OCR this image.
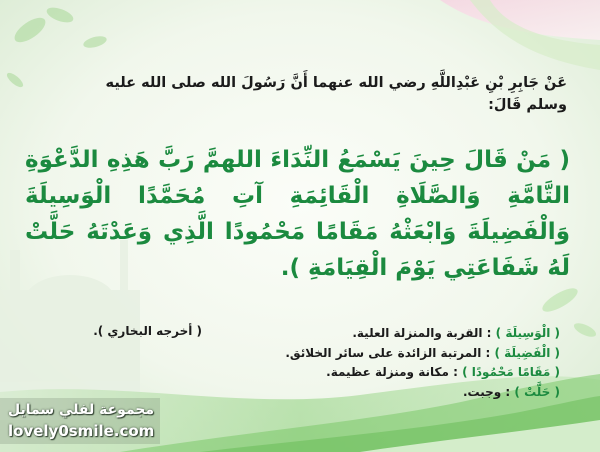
عَنْ جَابِرِ بْنِ عَبْدِاللَّهِ رضي الله عنهما أَنَّ رَسُولَ الله صلى الله عليه
وسلم قَالَ:
( مَنْ قَالَ حِينَ يَسْمَعُ النِّدَاءَ اللهمَّ رَبَّ هَذِهِ الدَّعْوَةِ التَّامَّةِ وَالصَّلَاةِ الْقَائِمَةِ آتِ مُحَمَّدًا الْوَسِيلَةَ وَالْفَضِيلَةَ وَابْعَثْهُ مَقَامًا مَحْمُودًا الَّذِي وَعَدْتَهُ حَلَّتْ لَهُ شَفَاعَتِي يَوْمَ الْقِيَامَةِ ).
( الْوَسِيلَةَ ) : القربة والمنزلة العلية.
( الْفَضِيلَةَ ) : المرتبة الزائدة على سائر الخلائق.
( مَقَامًا مَحْمُودًا ) : مكانة ومنزلة عظيمة.
( حَلَّتْ ) : وجبت.
( أخرجه البخاري ).
مجموعة لفلي سمايل
lovely0smile.com
